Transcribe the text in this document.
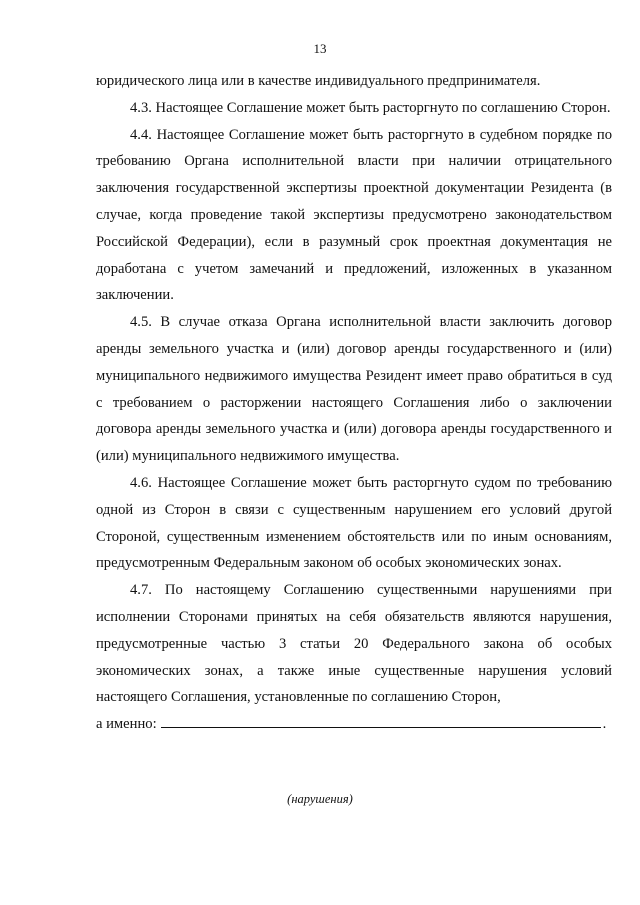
13

юридического лица или в качестве индивидуального предпринимателя.

4.3. Настоящее Соглашение может быть расторгнуто по соглашению Сторон.

4.4. Настоящее Соглашение может быть расторгнуто в судебном порядке по требованию Органа исполнительной власти при наличии отрицательного заключения государственной экспертизы проектной документации Резидента (в случае, когда проведение такой экспертизы предусмотрено законодательством Российской Федерации), если в разумный срок проектная документация не доработана с учетом замечаний и предложений, изложенных в указанном заключении.

4.5. В случае отказа Органа исполнительной власти заключить договор аренды земельного участка и (или) договор аренды государственного и (или) муниципального недвижимого имущества Резидент имеет право обратиться в суд с требованием о расторжении настоящего Соглашения либо о заключении договора аренды земельного участка и (или) договора аренды государственного и (или) муниципального недвижимого имущества.

4.6. Настоящее Соглашение может быть расторгнуто судом по требованию одной из Сторон в связи с существенным нарушением его условий другой Стороной, существенным изменением обстоятельств или по иным основаниям, предусмотренным Федеральным законом об особых экономических зонах.

4.7. По настоящему Соглашению существенными нарушениями при исполнении Сторонами принятых на себя обязательств являются нарушения, предусмотренные частью 3 статьи 20 Федерального закона об особых экономических зонах, а также иные существенные нарушения условий настоящего Соглашения, установленные по соглашению Сторон,

а именно:	.

(нарушения)
